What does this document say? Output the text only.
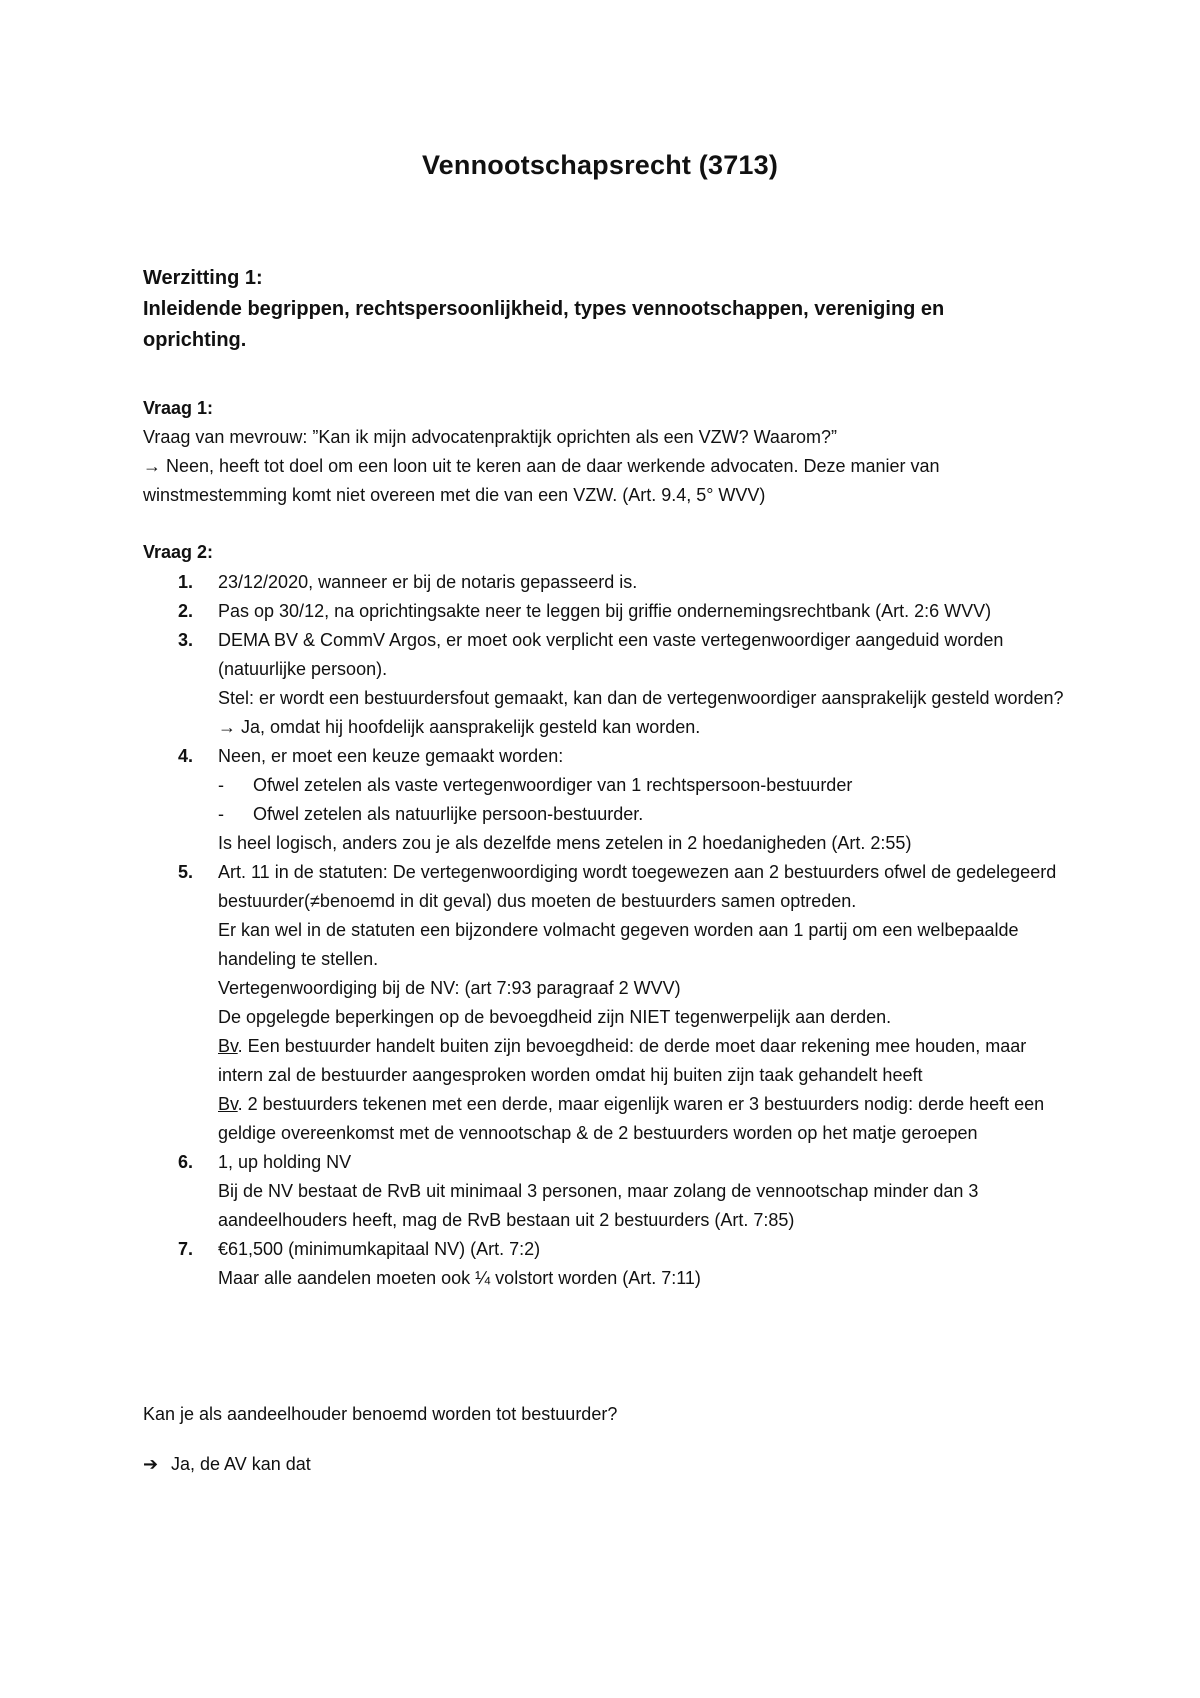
Vennootschapsrecht (3713)
Werzitting 1:
Inleidende begrippen, rechtspersoonlijkheid, types vennootschappen, vereniging en oprichting.
Vraag 1:
Vraag van mevrouw: ”Kan ik mijn advocatenpraktijk oprichten als een VZW? Waarom?”
→ Neen, heeft tot doel om een loon uit te keren aan de daar werkende advocaten. Deze manier van winstmestemming komt niet overeen met die van een VZW. (Art. 9.4, 5° WVV)
Vraag 2:
1. 23/12/2020, wanneer er bij de notaris gepasseerd is.
2. Pas op 30/12, na oprichtingsakte neer te leggen bij griffie ondernemingsrechtbank (Art. 2:6 WVV)
3. DEMA BV & CommV Argos, er moet ook verplicht een vaste vertegenwoordiger aangeduid worden (natuurlijke persoon).
Stel: er wordt een bestuurdersfout gemaakt, kan dan de vertegenwoordiger aansprakelijk gesteld worden? → Ja, omdat hij hoofdelijk aansprakelijk gesteld kan worden.
4. Neen, er moet een keuze gemaakt worden:
- Ofwel zetelen als vaste vertegenwoordiger van 1 rechtspersoon-bestuurder
- Ofwel zetelen als natuurlijke persoon-bestuurder.
Is heel logisch, anders zou je als dezelfde mens zetelen in 2 hoedanigheden (Art. 2:55)
5. Art. 11 in de statuten: De vertegenwoordiging wordt toegewezen aan 2 bestuurders ofwel de gedelegeerd bestuurder(≠benoemd in dit geval) dus moeten de bestuurders samen optreden.
Er kan wel in de statuten een bijzondere volmacht gegeven worden aan 1 partij om een welbepaalde handeling te stellen.
Vertegenwoordiging bij de NV: (art 7:93 paragraaf 2 WVV)
De opgelegde beperkingen op de bevoegdheid zijn NIET tegenwerpelijk aan derden.
Bv. Een bestuurder handelt buiten zijn bevoegdheid: de derde moet daar rekening mee houden, maar intern zal de bestuurder aangesproken worden omdat hij buiten zijn taak gehandelt heeft
Bv. 2 bestuurders tekenen met een derde, maar eigenlijk waren er 3 bestuurders nodig: derde heeft een geldige overeenkomst met de vennootschap & de 2 bestuurders worden op het matje geroepen
6. 1, up holding NV
Bij de NV bestaat de RvB uit minimaal 3 personen, maar zolang de vennootschap minder dan 3 aandeelhouders heeft, mag de RvB bestaan uit 2 bestuurders (Art. 7:85)
7. €61,500 (minimumkapitaal NV) (Art. 7:2)
Maar alle aandelen moeten ook ¼ volstort worden (Art. 7:11)
Kan je als aandeelhouder benoemd worden tot bestuurder?
➔ Ja, de AV kan dat
